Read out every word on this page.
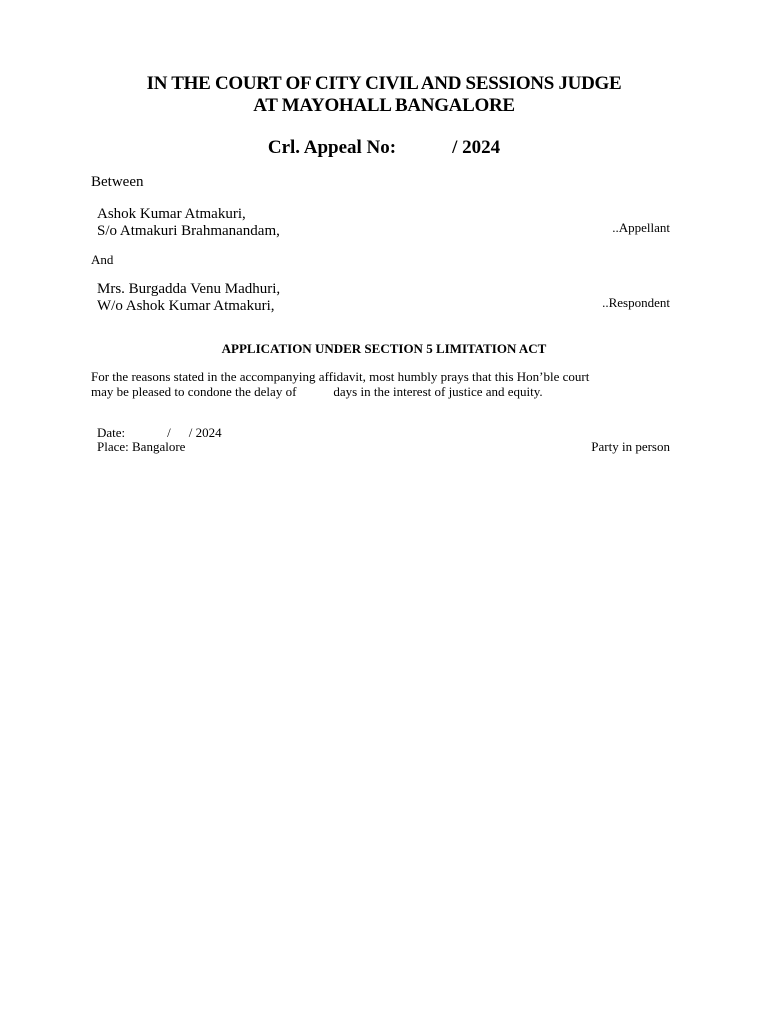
IN THE COURT OF CITY CIVIL AND SESSIONS JUDGE
AT MAYOHALL BANGALORE
Crl. Appeal No:	/ 2024
Between
Ashok Kumar Atmakuri,
S/o Atmakuri Brahmanandam,	..Appellant
And
Mrs. Burgadda Venu Madhuri,
W/o Ashok Kumar Atmakuri,	..Respondent
APPLICATION UNDER SECTION 5 LIMITATION ACT
For the reasons stated in the accompanying affidavit, most humbly prays that this Hon’ble court
may be pleased to condone the delay of	days in the interest of justice and equity.
Date:	/ / 2024
Place: Bangalore	Party in person
